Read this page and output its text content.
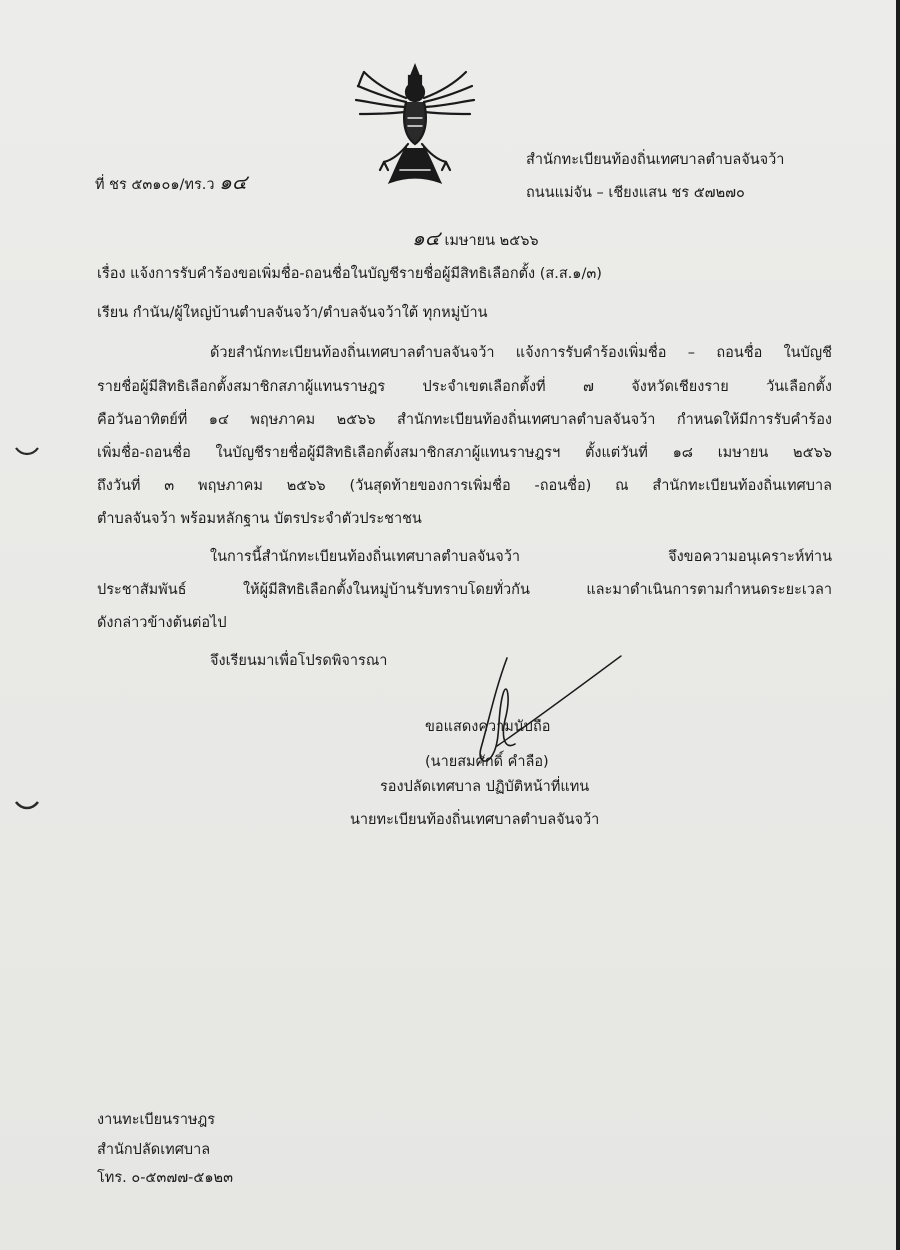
ที่ ชร ๕๓๑๐๑/ทร.ว ๑๔
สำนักทะเบียนท้องถิ่นเทศบาลตำบลจันจว้า
ถนนแม่จัน – เชียงแสน ชร ๕๗๒๗๐
๑๔ เมษายน ๒๕๖๖
เรื่อง แจ้งการรับคำร้องขอเพิ่มชื่อ-ถอนชื่อในบัญชีรายชื่อผู้มีสิทธิเลือกตั้ง (ส.ส.๑/๓)
เรียน กำนัน/ผู้ใหญ่บ้านตำบลจันจว้า/ตำบลจันจว้าใต้ ทุกหมู่บ้าน
ด้วยสำนักทะเบียนท้องถิ่นเทศบาลตำบลจันจว้า แจ้งการรับคำร้องเพิ่มชื่อ – ถอนชื่อ ในบัญชี
รายชื่อผู้มีสิทธิเลือกตั้งสมาชิกสภาผู้แทนราษฎร ประจำเขตเลือกตั้งที่ ๗ จังหวัดเชียงราย วันเลือกตั้ง
คือวันอาทิตย์ที่ ๑๔ พฤษภาคม ๒๕๖๖ สำนักทะเบียนท้องถิ่นเทศบาลตำบลจันจว้า กำหนดให้มีการรับคำร้อง
เพิ่มชื่อ-ถอนชื่อ ในบัญชีรายชื่อผู้มีสิทธิเลือกตั้งสมาชิกสภาผู้แทนราษฎรฯ ตั้งแต่วันที่ ๑๘ เมษายน ๒๕๖๖
ถึงวันที่ ๓ พฤษภาคม ๒๕๖๖ (วันสุดท้ายของการเพิ่มชื่อ -ถอนชื่อ) ณ สำนักทะเบียนท้องถิ่นเทศบาล
ตำบลจันจว้า พร้อมหลักฐาน บัตรประจำตัวประชาชน
ในการนี้สำนักทะเบียนท้องถิ่นเทศบาลตำบลจันจว้า จึงขอความอนุเคราะห์ท่าน
ประชาสัมพันธ์ ให้ผู้มีสิทธิเลือกตั้งในหมู่บ้านรับทราบโดยทั่วกัน และมาดำเนินการตามกำหนดระยะเวลา
ดังกล่าวข้างต้นต่อไป
จึงเรียนมาเพื่อโปรดพิจารณา
ขอแสดงความนับถือ
(นายสมศักดิ์ คำลือ)
รองปลัดเทศบาล ปฏิบัติหน้าที่แทน
นายทะเบียนท้องถิ่นเทศบาลตำบลจันจว้า
งานทะเบียนราษฎร
สำนักปลัดเทศบาล
โทร. ๐-๕๓๗๗-๕๑๒๓
